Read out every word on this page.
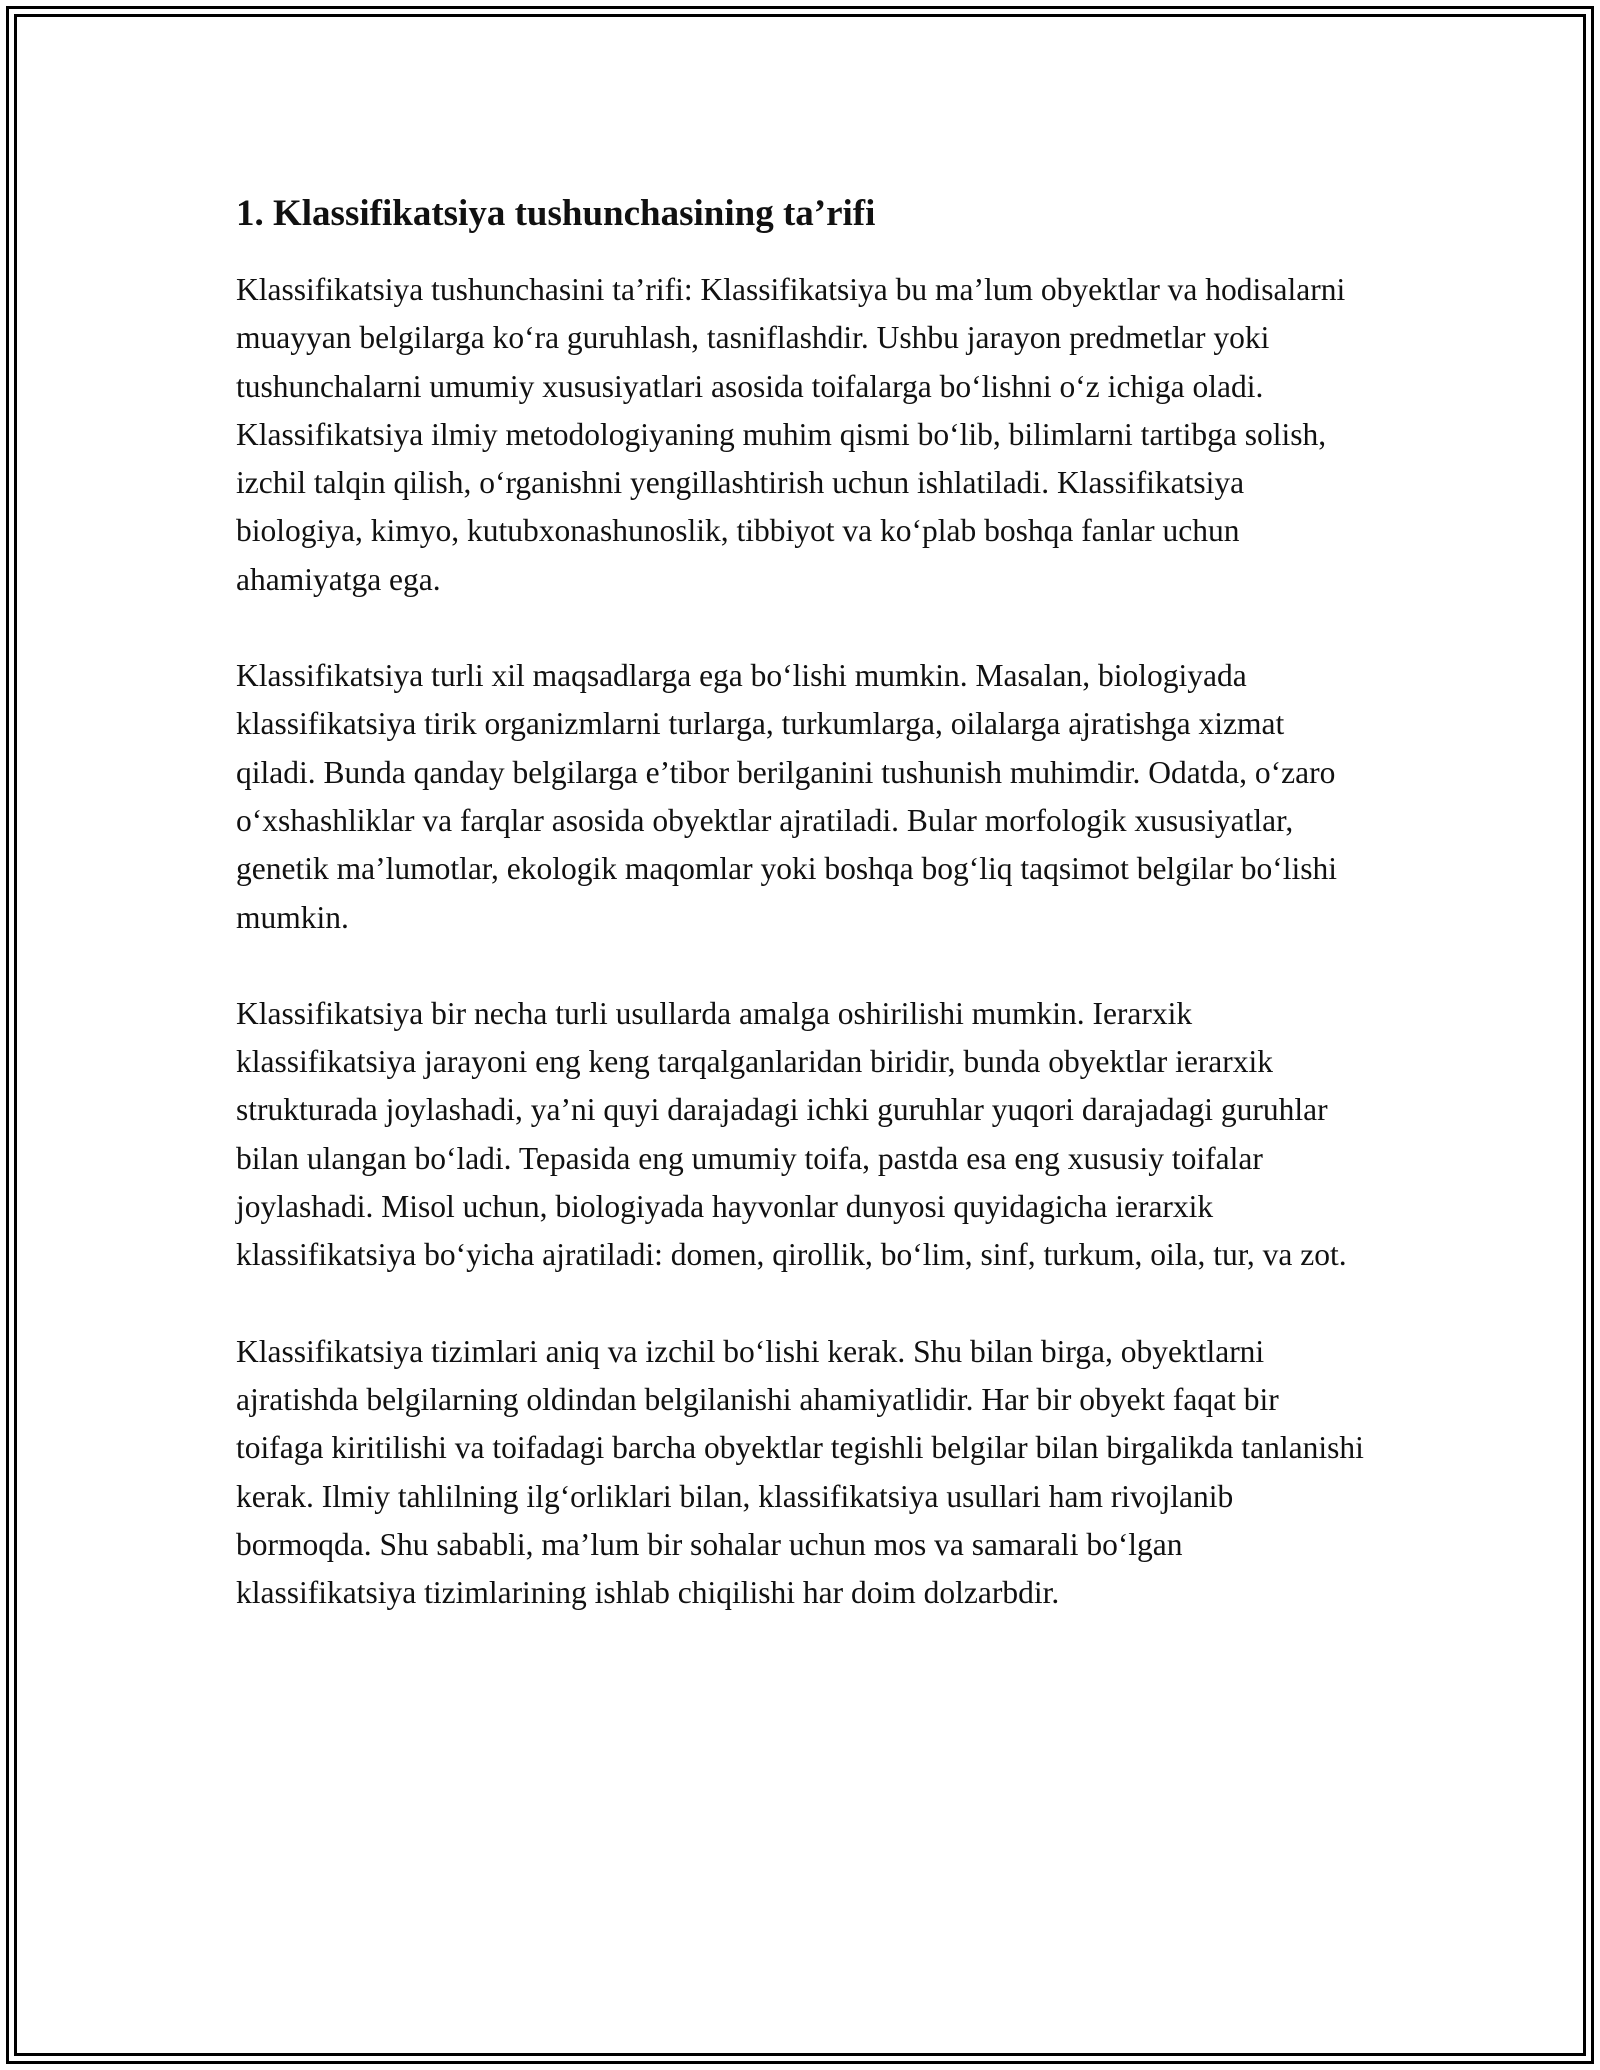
1. Klassifikatsiya tushunchasining ta’rifi

Klassifikatsiya tushunchasini ta’rifi: Klassifikatsiya bu ma’lum obyektlar va hodisalarni muayyan belgilarga ko‘ra guruhlash, tasniflashdir. Ushbu jarayon predmetlar yoki tushunchalarni umumiy xususiyatlari asosida toifalarga bo‘lishni o‘z ichiga oladi. Klassifikatsiya ilmiy metodologiyaning muhim qismi bo‘lib, bilimlarni tartibga solish, izchil talqin qilish, o‘rganishni yengillashtirish uchun ishlatiladi. Klassifikatsiya biologiya, kimyo, kutubxonashunoslik, tibbiyot va ko‘plab boshqa fanlar uchun ahamiyatga ega.

Klassifikatsiya turli xil maqsadlarga ega bo‘lishi mumkin. Masalan, biologiyada klassifikatsiya tirik organizmlarni turlarga, turkumlarga, oilalarga ajratishga xizmat qiladi. Bunda qanday belgilarga e’tibor berilganini tushunish muhimdir. Odatda, o‘zaro o‘xshashliklar va farqlar asosida obyektlar ajratiladi. Bular morfologik xususiyatlar, genetik ma’lumotlar, ekologik maqomlar yoki boshqa bog‘liq taqsimot belgilar bo‘lishi mumkin.

Klassifikatsiya bir necha turli usullarda amalga oshirilishi mumkin. Ierarxik klassifikatsiya jarayoni eng keng tarqalganlaridan biridir, bunda obyektlar ierarxik strukturada joylashadi, ya’ni quyi darajadagi ichki guruhlar yuqori darajadagi guruhlar bilan ulangan bo‘ladi. Tepasida eng umumiy toifa, pastda esa eng xususiy toifalar joylashadi. Misol uchun, biologiyada hayvonlar dunyosi quyidagicha ierarxik klassifikatsiya bo‘yicha ajratiladi: domen, qirollik, bo‘lim, sinf, turkum, oila, tur, va zot.

Klassifikatsiya tizimlari aniq va izchil bo‘lishi kerak. Shu bilan birga, obyektlarni ajratishda belgilarning oldindan belgilanishi ahamiyatlidir. Har bir obyekt faqat bir toifaga kiritilishi va toifadagi barcha obyektlar tegishli belgilar bilan birgalikda tanlanishi kerak. Ilmiy tahlilning ilg‘orliklari bilan, klassifikatsiya usullari ham rivojlanib bormoqda. Shu sababli, ma’lum bir sohalar uchun mos va samarali bo‘lgan klassifikatsiya tizimlarining ishlab chiqilishi har doim dolzarbdir.
